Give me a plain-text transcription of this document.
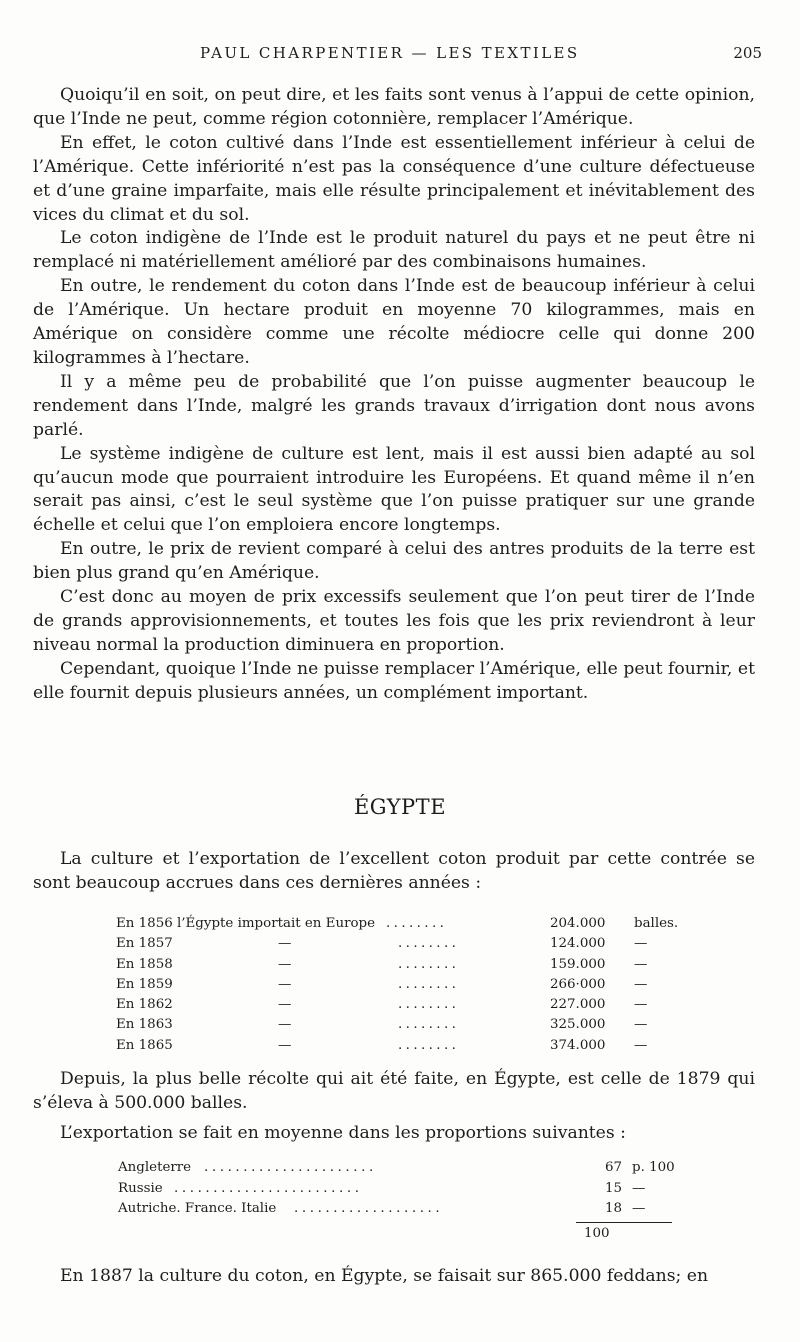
PAUL CHARPENTIER — LES TEXTILES	205

Quoiqu’il en soit, on peut dire, et les faits sont venus à l’appui de cette opinion, que l’Inde ne peut, comme région cotonnière, remplacer l’Amérique.

En effet, le coton cultivé dans l’Inde est essentiellement inférieur à celui de l’Amérique. Cette infériorité n’est pas la conséquence d’une culture défectueuse et d’une graine imparfaite, mais elle résulte principalement et inévitablement des vices du climat et du sol.

Le coton indigène de l’Inde est le produit naturel du pays et ne peut être ni remplacé ni matériellement amélioré par des combinaisons humaines.

En outre, le rendement du coton dans l’Inde est de beaucoup inférieur à celui de l’Amérique. Un hectare produit en moyenne 70 kilogrammes, mais en Amérique on considère comme une récolte médiocre celle qui donne 200 kilogrammes à l’hectare.

Il y a même peu de probabilité que l’on puisse augmenter beaucoup le rendement dans l’Inde, malgré les grands travaux d’irrigation dont nous avons parlé.

Le système indigène de culture est lent, mais il est aussi bien adapté au sol qu’aucun mode que pourraient introduire les Européens. Et quand même il n’en serait pas ainsi, c’est le seul système que l’on puisse pratiquer sur une grande échelle et celui que l’on emploiera encore longtemps.

En outre, le prix de revient comparé à celui des antres produits de la terre est bien plus grand qu’en Amérique.

C’est donc au moyen de prix excessifs seulement que l’on peut tirer de l’Inde de grands approvisionnements, et toutes les fois que les prix reviendront à leur niveau normal la production diminuera en proportion.

Cependant, quoique l’Inde ne puisse remplacer l’Amérique, elle peut fournir, et elle fournit depuis plusieurs années, un complément important.

ÉGYPTE

La culture et l’exportation de l’excellent coton produit par cette contrée se sont beaucoup accrues dans ces dernières années :

En 1856 l’Égypte importait en Europe ........	204.000 balles.
En 1857	—	........	124.000 —
En 1858	—	........	159.000 —
En 1859	—	........	266·000 —
En 1862	—	........	227.000 —
En 1863	—	........	325.000 —
En 1865	—	........	374.000 —

Depuis, la plus belle récolte qui ait été faite, en Égypte, est celle de 1879 qui s’éleva à 500.000 balles.

L’exportation se fait en moyenne dans les proportions suivantes :

Angleterre ......................	67 p. 100
Russie ........................	15 —
Autriche. France. Italie ...................	18 —
100

En 1887 la culture du coton, en Égypte, se faisait sur 865.000 feddans; en
